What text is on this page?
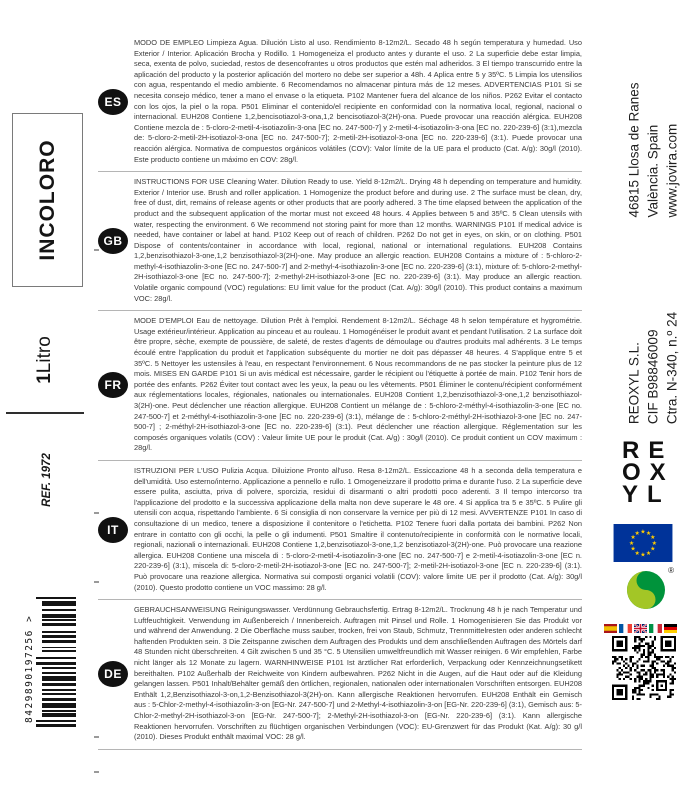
INCOLORO
1Litro
REF. 1972
8429890197256 >
ES
MODO DE EMPLEO Limpieza Agua. Dilución Listo al uso. Rendimiento 8-12m2/L. Secado 48 h según temperatura y humedad. Uso Exterior / Interior. Aplicación Brocha y Rodillo. 1 Homogeneiza el producto antes y durante el uso. 2 La superficie debe estar limpia, seca, exenta de polvo, suciedad, restos de desencofrantes u otros productos que estén mal adheridos. 3 El tiempo transcurrido entre la aplicación del producto y la posterior aplicación del mortero no debe ser superior a 48h. 4 Aplica entre 5 y 35ºC. 5 Limpia los utensilios con agua, respentando el medio ambiente. 6 Recomendamos no almacenar pintura más de 12 meses. ADVERTENCIAS P101 Si se necesita consejo médico, tener a mano el envase o la etiqueta. P102 Mantener fuera del alcance de los niños. P262 Evitar el contacto con los ojos, la piel o la ropa. P501 Eliminar el contenido/el recipiente en conformidad con la normativa local, regional, nacional o internacional. EUH208 Contiene 1,2,bencisotiazol-3-ona,1,2 bencisotiazol-3(2H)-ona. Puede provocar una reacción alérgica. EUH208 Contiene mezcla de : 5-cloro-2-metil-4-isotiazolin-3-ona [EC no. 247-500-7] y 2-metil-4-isotiazolin-3-ona [EC no. 220-239-6] (3:1),mezcla de: 5-cloro-2-metil-2H-isotiazol-3-ona [EC no. 247-500-7]; 2-metil-2H-isotiazol-3-ona [EC no. 220-239-6] (3:1). Puede provocar una reacción alérgica. Normativa de compuestos orgánicos volátiles (COV): Valor límite de la UE para el producto (Cat. A/g): 30g/l (2010). Este producto contiene un máximo en COV: 28g/l.
GB
INSTRUCTIONS FOR USE Cleaning Water. Dilution Ready to use. Yield 8-12m2/L. Drying 48 h depending on temperature and humidity. Exterior / Interior use. Brush and roller application. 1 Homogenize the product before and during use. 2 The surface must be clean, dry, free of dust, dirt, remains of release agents or other products that are poorly adhered. 3 The time elapsed between the application of the product and the subsequent application of the mortar must not exceed 48 hours. 4 Applies between 5 and 35ºC. 5 Clean utensils with water, respecting the environment. 6 We recommend not storing paint for more than 12 months. WARNINGS P101 If medical advice is needed, have container or label at hand. P102 Keep out of reach of children. P262 Do not get in eyes, on skin, or on clothing. P501 Dispose of contents/container in accordance with local, regional, national or international regulations. EUH208 Contains 1,2,benzisothiazol-3-one,1,2 benzisothiazol-3(2H)-one. May produce an allergic reaction. EUH208 Contains a mixture of : 5-chloro-2-methyl-4-isothiazolin-3-one [EC no. 247-500-7] and 2-methyl-4-isothiazolin-3-one [EC no. 220-239-6] (3:1), mixture of: 5-chloro-2-methyl-2H-isothiazol-3-one [EC no. 247-500-7]; 2-methyl-2H-isothiazol-3-one [EC no. 220-239-6] (3:1). May produce an allergic reaction. Volatile organic compound (VOC) regulations: EU limit value for the product (Cat. A/g): 30g/l (2010). This product contains a maximum VOC: 28g/l.
FR
MODE D'EMPLOI Eau de nettoyage. Dilution Prêt à l'emploi. Rendement 8-12m2/L. Séchage 48 h selon température et hygrométrie. Usage extérieur/intérieur. Application au pinceau et au rouleau. 1 Homogénéiser le produit avant et pendant l'utilisation. 2 La surface doit être propre, sèche, exempte de poussière, de saleté, de restes d'agents de démoulage ou d'autres produits mal adhérents. 3 Le temps écoulé entre l'application du produit et l'application subséquente du mortier ne doit pas dépasser 48 heures. 4 S'applique entre 5 et 35ºC. 5 Nettoyer les ustensiles à l'eau, en respectant l'environnement. 6 Nous recommandons de ne pas stocker la peinture plus de 12 mois. MISES EN GARDE P101 Si un avis médical est nécessaire, garder le récipient ou l'étiquette à portée de main. P102 Tenir hors de portée des enfants. P262 Éviter tout contact avec les yeux, la peau ou les vêtements. P501 Éliminer le contenu/récipient conformément aux réglementations locales, régionales, nationales ou internationales. EUH208 Contient 1,2,benzisothiazol-3-one,1,2 benzisothiazol-3(2H)-one. Peut déclencher une réaction allergique. EUH208 Contient un mélange de : 5-chloro-2-méthyl-4-isothiazolin-3-one [EC no. 247-500-7] et 2-méthyl-4-isothiazolin-3-one [EC no. 220-239-6] (3:1), mélange de : 5-chloro-2-méthyl-2H-isothiazol-3-one [EC no. 247-500-7] ; 2-méthyl-2H-isothiazol-3-one [EC no. 220-239-6] (3:1). Peut déclencher une réaction allergique. Réglementation sur les composés organiques volatils (COV) : Valeur limite UE pour le produit (Cat. A/g) : 30g/l (2010). Ce produit contient un COV maximum : 28g/l.
IT
ISTRUZIONI PER L'USO Pulizia Acqua. Diluizione Pronto all'uso. Resa 8-12m2/L. Essiccazione 48 h a seconda della temperatura e dell'umidità. Uso esterno/interno. Applicazione a pennello e rullo. 1 Omogeneizzare il prodotto prima e durante l'uso. 2 La superficie deve essere pulita, asciutta, priva di polvere, sporcizia, residui di disarmanti o altri prodotti poco aderenti. 3 Il tempo intercorso tra l'applicazione del prodotto e la successiva applicazione della malta non deve superare le 48 ore. 4 Si applica tra 5 e 35ºC. 5 Pulire gli utensili con acqua, rispettando l'ambiente. 6 Si consiglia di non conservare la vernice per più di 12 mesi. AVVERTENZE P101 In caso di consultazione di un medico, tenere a disposizione il contenitore o l'etichetta. P102 Tenere fuori dalla portata dei bambini. P262 Non entrare in contatto con gli occhi, la pelle o gli indumenti. P501 Smaltire il contenuto/recipiente in conformità con le normative locali, regionali, nazionali o internazionali. EUH208 Contiene 1,2,benzisotiazol-3-one,1,2 benzisotiazol-3(2H)-one. Può provocare una reazione allergica. EUH208 Contiene una miscela di : 5-cloro-2-metil-4-isotiazolin-3-one [EC no. 247-500-7] e 2-metil-4-isotiazolin-3-one [EC n. 220-239-6] (3:1), miscela di: 5-cloro-2-metil-2H-isotiazol-3-one [EC no. 247-500-7]; 2-metil-2H-isotiazol-3-one [EC n. 220-239-6] (3:1). Può provocare una reazione allergica. Normativa sui composti organici volatili (COV): valore limite UE per il prodotto (Cat. A/g): 30g/l (2010). Questo prodotto contiene un VOC massimo: 28 g/l.
DE
GEBRAUCHSANWEISUNG Reinigungswasser. Verdünnung Gebrauchsfertig. Ertrag 8-12m2/L. Trocknung 48 h je nach Temperatur und Luftfeuchtigkeit. Verwendung im Außenbereich / Innenbereich. Auftragen mit Pinsel und Rolle. 1 Homogenisieren Sie das Produkt vor und während der Anwendung. 2 Die Oberfläche muss sauber, trocken, frei von Staub, Schmutz, Trennmittelresten oder anderen schlecht haftenden Produkten sein. 3 Die Zeitspanne zwischen dem Auftragen des Produkts und dem anschließenden Auftragen des Mörtels darf 48 Stunden nicht überschreiten. 4 Gilt zwischen 5 und 35 °C. 5 Utensilien umweltfreundlich mit Wasser reinigen. 6 Wir empfehlen, Farbe nicht länger als 12 Monate zu lagern. WARNHINWEISE P101 Ist ärztlicher Rat erforderlich, Verpackung oder Kennzeichnungsetikett bereithalten. P102 Außerhalb der Reichweite von Kindern aufbewahren. P262 Nicht in die Augen, auf die Haut oder auf die Kleidung gelangen lassen. P501 Inhalt/Behälter gemäß den örtlichen, regionalen, nationalen oder internationalen Vorschriften entsorgen. EUH208 Enthält 1,2,Benzisothiazol-3-on,1,2-Benzisothiazol-3(2H)-on. Kann allergische Reaktionen hervorrufen. EUH208 Enthält ein Gemisch aus : 5-Chlor-2-methyl-4-isothiazolin-3-on [EG-Nr. 247-500-7] und 2-Methyl-4-isothiazolin-3-on [EG-Nr. 220-239-6] (3:1), Gemisch aus: 5-Chlor-2-methyl-2H-isothiazol-3-on [EG-Nr. 247-500-7]; 2-Methyl-2H-isothiazol-3-on [EG-Nr. 220-239-6] (3:1). Kann allergische Reaktionen hervorrufen. Vorschriften zu flüchtigen organischen Verbindungen (VOC): EU-Grenzwert für das Produkt (Kat. A/g): 30 g/l (2010). Dieses Produkt enthält maximal VOC: 28 g/l.
46815 Llosa de Ranes València. Spain www.jovira.com
REOXYL S.L. CIF B98846009 Ctra. N-340, n.º 24
RE
OX
YL
★ ★
★
★
★
★
★
★
★
★
★
★
®
